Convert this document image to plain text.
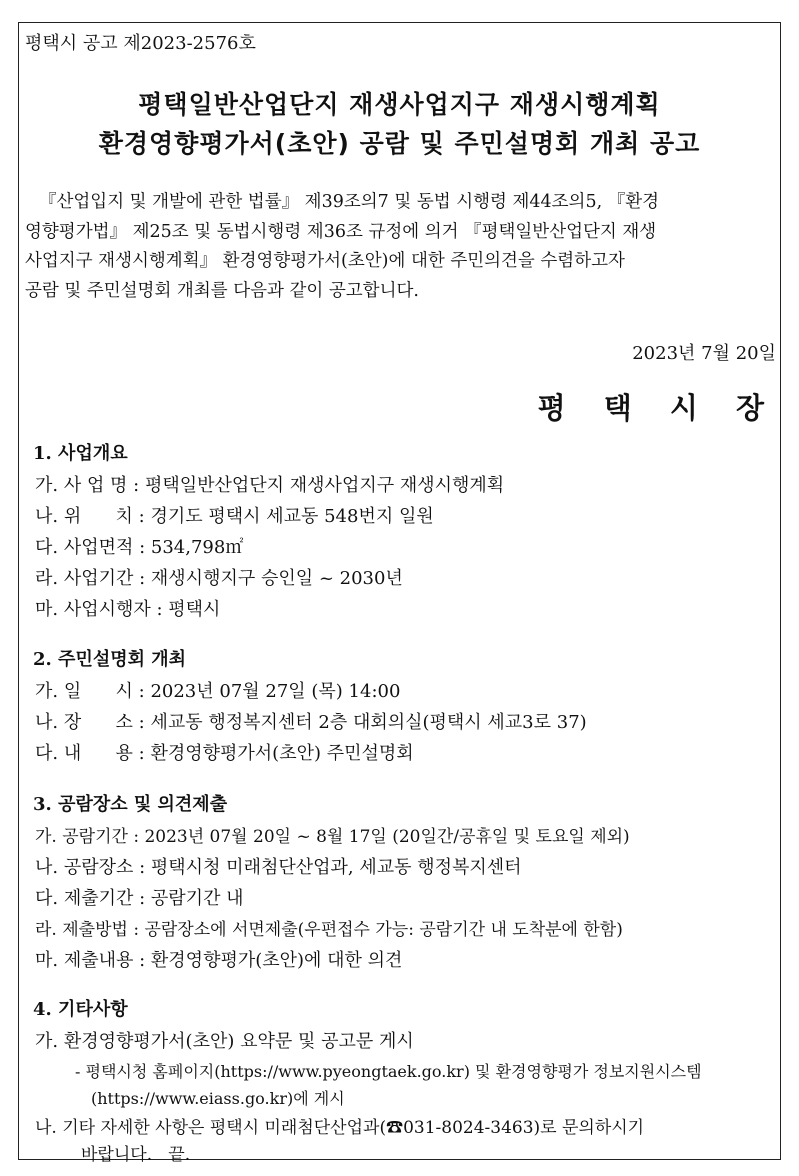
평택시 공고 제2023-2576호
평택일반산업단지 재생사업지구 재생시행계획
환경영향평가서(초안) 공람 및 주민설명회 개최 공고
『산업입지 및 개발에 관한 법률』 제39조의7 및 동법 시행령 제44조의5, 『환경
영향평가법』 제25조 및 동법시행령 제36조 규정에 의거 『평택일반산업단지 재생
사업지구 재생시행계획』 환경영향평가서(초안)에 대한 주민의견을 수렴하고자
공람 및 주민설명회 개최를 다음과 같이 공고합니다.
2023년 7월 20일
평 택 시 장
1. 사업개요
가. 사 업 명 : 평택일반산업단지 재생사업지구 재생시행계획
나. 위      치 : 경기도 평택시 세교동 548번지 일원
다. 사업면적 : 534,798㎡
라. 사업기간 : 재생시행지구 승인일 ~ 2030년
마. 사업시행자 : 평택시
2. 주민설명회 개최
가. 일      시 : 2023년 07월 27일 (목) 14:00
나. 장      소 : 세교동 행정복지센터 2층 대회의실(평택시 세교3로 37)
다. 내      용 : 환경영향평가서(초안) 주민설명회
3. 공람장소 및 의견제출
가. 공람기간 : 2023년 07월 20일 ~ 8월 17일 (20일간/공휴일 및 토요일 제외)
나. 공람장소 : 평택시청 미래첨단산업과, 세교동 행정복지센터
다. 제출기간 : 공람기간 내
라. 제출방법 : 공람장소에 서면제출(우편접수 가능: 공람기간 내 도착분에 한함)
마. 제출내용 : 환경영향평가(초안)에 대한 의견
4. 기타사항
가. 환경영향평가서(초안) 요약문 및 공고문 게시
- 평택시청 홈페이지(https://www.pyeongtaek.go.kr) 및 환경영향평가 정보지원시스템
(https://www.eiass.go.kr)에 게시
나. 기타 자세한 사항은 평택시 미래첨단산업과(☎031-8024-3463)로 문의하시기
바랍니다.   끝.
